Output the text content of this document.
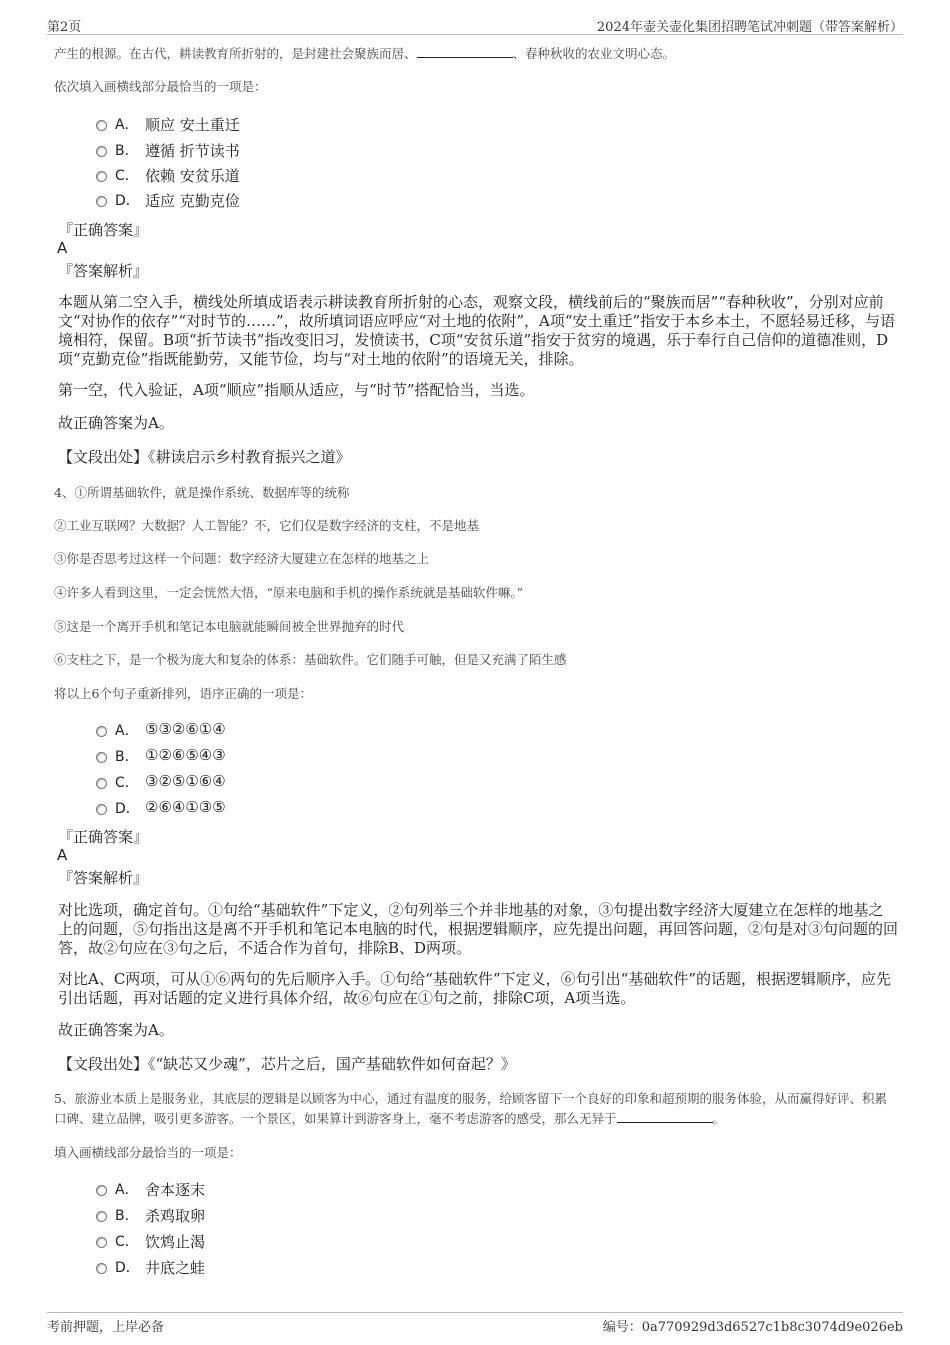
第2页	2024年壶关壶化集团招聘笔试冲刺题（带答案解析）
产生的根源。在古代，耕读教育所折射的，是封建社会聚族而居、	、春种秋收的农业文明心态。
依次填入画横线部分最恰当的一项是：
A． 顺应 安土重迁
B． 遵循 折节读书
C． 依赖 安贫乐道
D． 适应 克勤克俭
『正确答案』
A
『答案解析』
本题从第二空入手，横线处所填成语表示耕读教育所折射的心态，观察文段，横线前后的“聚族而居”“春种秋收”，分别对应前文“对协作的依存”“对时节的……”，故所填词语应呼应“对土地的依附”，A项“安土重迁”指安于本乡本土，不愿轻易迁移，与语境相符，保留。B项“折节读书”指改变旧习，发愤读书，C项“安贫乐道”指安于贫穷的境遇，乐于奉行自己信仰的道德准则，D项“克勤克俭”指既能勤劳，又能节俭，均与“对土地的依附”的语境无关，排除。
第一空，代入验证，A项“顺应”指顺从适应，与“时节”搭配恰当，当选。
故正确答案为A。
【文段出处】《耕读启示乡村教育振兴之道》
4、①所谓基础软件，就是操作系统、数据库等的统称
②工业互联网？大数据？人工智能？不，它们仅是数字经济的支柱，不是地基
③你是否思考过这样一个问题：数字经济大厦建立在怎样的地基之上
④许多人看到这里，一定会恍然大悟，“原来电脑和手机的操作系统就是基础软件嘛。”
⑤这是一个离开手机和笔记本电脑就能瞬间被全世界抛弃的时代
⑥支柱之下，是一个极为庞大和复杂的体系：基础软件。它们随手可触，但是又充满了陌生感
将以上6个句子重新排列，语序正确的一项是：
A． ⑤③②⑥①④
B． ①②⑥⑤④③
C． ③②⑤①⑥④
D． ②⑥④①③⑤
『正确答案』
A
『答案解析』
对比选项，确定首句。①句给“基础软件”下定义，②句列举三个并非地基的对象，③句提出数字经济大厦建立在怎样的地基之上的问题，⑤句指出这是离不开手机和笔记本电脑的时代，根据逻辑顺序，应先提出问题，再回答问题，②句是对③句问题的回答，故②句应在③句之后，不适合作为首句，排除B、D两项。
对比A、C两项，可从①⑥两句的先后顺序入手。①句给“基础软件”下定义，⑥句引出“基础软件”的话题，根据逻辑顺序，应先引出话题，再对话题的定义进行具体介绍，故⑥句应在①句之前，排除C项，A项当选。
故正确答案为A。
【文段出处】《“缺芯又少魂”，芯片之后，国产基础软件如何奋起？》
5、旅游业本质上是服务业，其底层的逻辑是以顾客为中心，通过有温度的服务，给顾客留下一个良好的印象和超预期的服务体验，从而赢得好评、积累口碑、建立品牌，吸引更多游客。一个景区，如果算计到游客身上，毫不考虑游客的感受，那么无异于	。
填入画横线部分最恰当的一项是：
A． 舍本逐末
B． 杀鸡取卵
C． 饮鸩止渴
D． 井底之蛙
考前押题，上岸必备	编号：0a770929d3d6527c1b8c3074d9e026eb
